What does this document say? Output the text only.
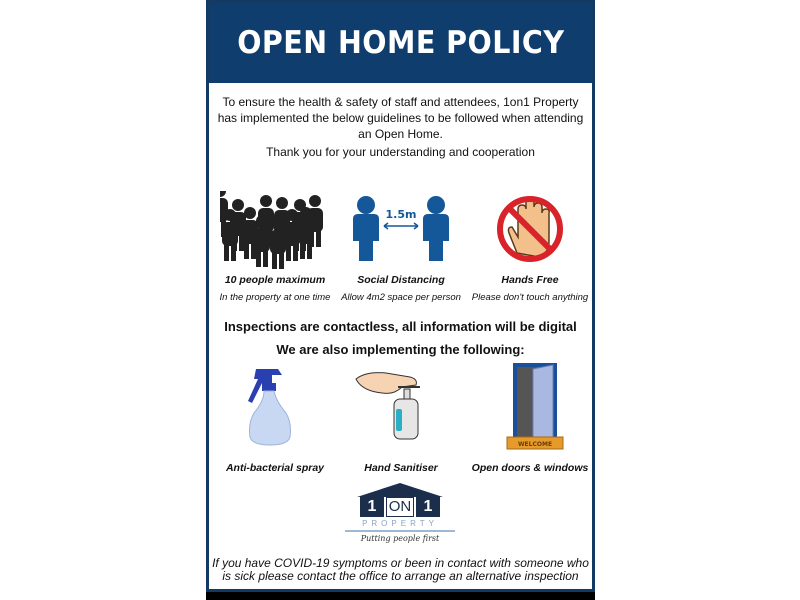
OPEN HOME POLICY
To ensure the health & safety of staff and attendees, 1on1 Property has implemented the below guidelines to be followed when attending an Open Home.
Thank you for your understanding and cooperation
10 people maximum
In the property at one time
1.5m
Social Distancing
Allow 4m2 space per person
Hands Free
Please don't touch anything
Inspections are contactless, all information will be digital
We are also implementing the following:
Anti-bacterial spray	Hand Sanitiser
WELCOME
Open doors & windows
1 ON 1
PROPERTY
Putting people first
If you have COVID-19 symptoms or been in contact with someone who is sick please contact the office to arrange an alternative inspection
